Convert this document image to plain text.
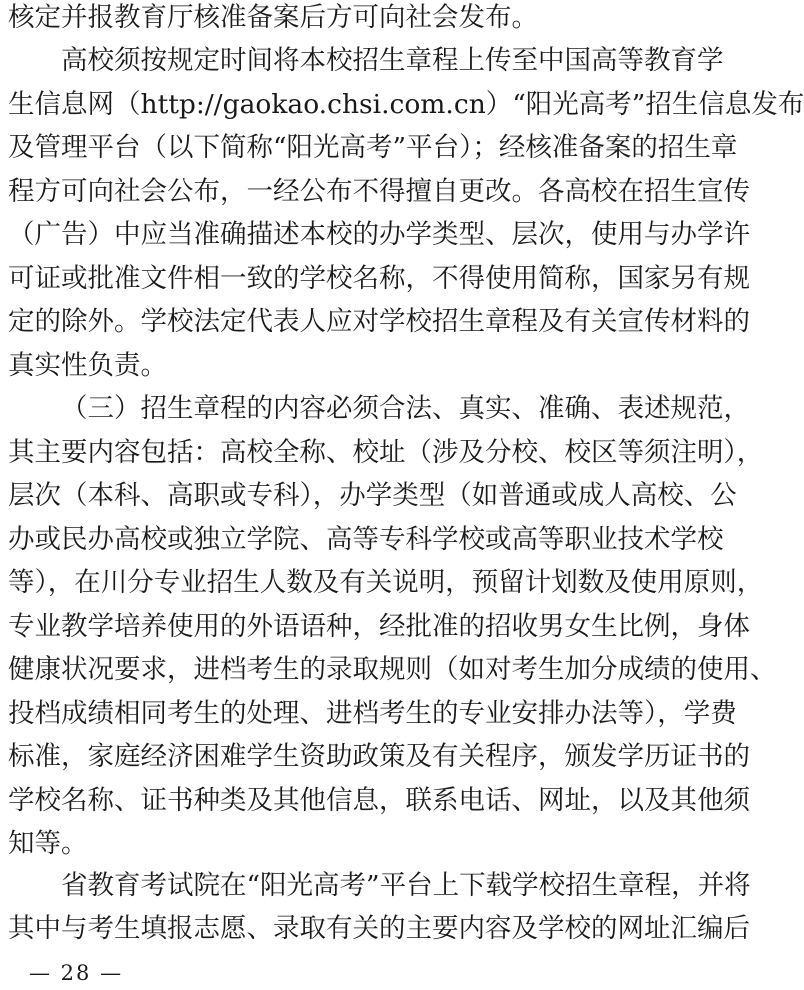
核定并报教育厅核准备案后方可向社会发布。
高校须按规定时间将本校招生章程上传至中国高等教育学
生信息网（http://gaokao.chsi.com.cn）“阳光高考”招生信息发布
及管理平台（以下简称“阳光高考”平台）；经核准备案的招生章
程方可向社会公布，一经公布不得擅自更改。各高校在招生宣传
（广告）中应当准确描述本校的办学类型、层次，使用与办学许
可证或批准文件相一致的学校名称，不得使用简称，国家另有规
定的除外。学校法定代表人应对学校招生章程及有关宣传材料的
真实性负责。
（三）招生章程的内容必须合法、真实、准确、表述规范，
其主要内容包括：高校全称、校址（涉及分校、校区等须注明），
层次（本科、高职或专科），办学类型（如普通或成人高校、公
办或民办高校或独立学院、高等专科学校或高等职业技术学校
等），在川分专业招生人数及有关说明，预留计划数及使用原则，
专业教学培养使用的外语语种，经批准的招收男女生比例，身体
健康状况要求，进档考生的录取规则（如对考生加分成绩的使用、
投档成绩相同考生的处理、进档考生的专业安排办法等），学费
标准，家庭经济困难学生资助政策及有关程序，颁发学历证书的
学校名称、证书种类及其他信息，联系电话、网址，以及其他须
知等。
省教育考试院在“阳光高考”平台上下载学校招生章程，并将
其中与考生填报志愿、录取有关的主要内容及学校的网址汇编后
— 28 —
